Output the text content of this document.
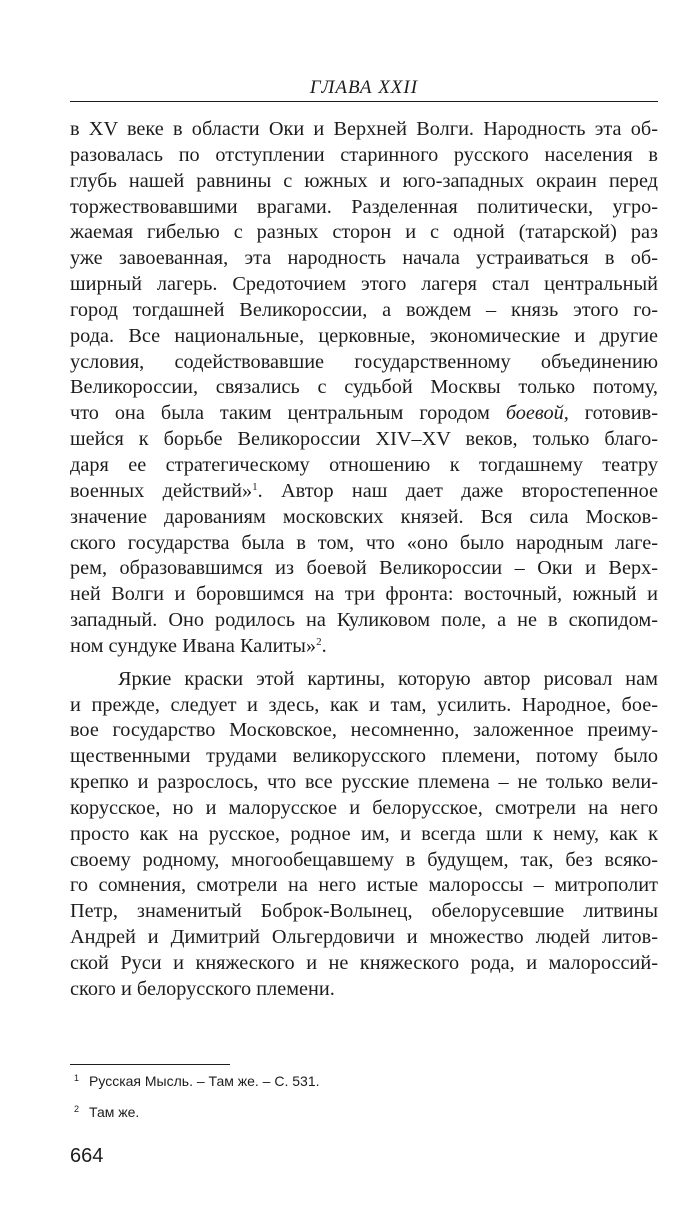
ГЛАВА XXII
в XV веке в области Оки и Верхней Волги. Народность эта об-
разовалась по отступлении старинного русского населения в
глубь нашей равнины с южных и юго-западных окраин перед
торжествовавшими врагами. Разделенная политически, угро-
жаемая гибелью с разных сторон и с одной (татарской) раз
уже завоеванная, эта народность начала устраиваться в об-
ширный лагерь. Средоточием этого лагеря стал центральный
город тогдашней Великороссии, а вождем – князь этого го-
рода. Все национальные, церковные, экономические и другие
условия, содействовавшие государственному объединению
Великороссии, связались с судьбой Москвы только потому,
что она была таким центральным городом боевой, готовив-
шейся к борьбе Великороссии XIV–XV веков, только благо-
даря ее стратегическому отношению к тогдашнему театру
военных действий»$^1$. Автор наш дает даже второстепенное
значение дарованиям московских князей. Вся сила Москов-
ского государства была в том, что «оно было народным лаге-
рем, образовавшимся из боевой Великороссии – Оки и Верх-
ней Волги и боровшимся на три фронта: восточный, южный и
западный. Оно родилось на Куликовом поле, а не в скопидом-
ном сундуке Ивана Калиты»$^2$.
Яркие краски этой картины, которую автор рисовал нам
и прежде, следует и здесь, как и там, усилить. Народное, бое-
вое государство Московское, несомненно, заложенное преиму-
щественными трудами великорусского племени, потому было
крепко и разрослось, что все русские племена – не только вели-
корусское, но и малорусское и белорусское, смотрели на него
просто как на русское, родное им, и всегда шли к нему, как к
своему родному, многообещавшему в будущем, так, без всяко-
го сомнения, смотрели на него истые малороссы – митрополит
Петр, знаменитый Боброк-Волынец, обелорусевшие литвины
Андрей и Димитрий Ольгердовичи и множество людей литов-
ской Руси и княжеского и не княжеского рода, и малороссий-
ского и белорусского племени.
$^1$ Русская Мысль. – Там же. – С. 531.
$^2$ Там же.
664
